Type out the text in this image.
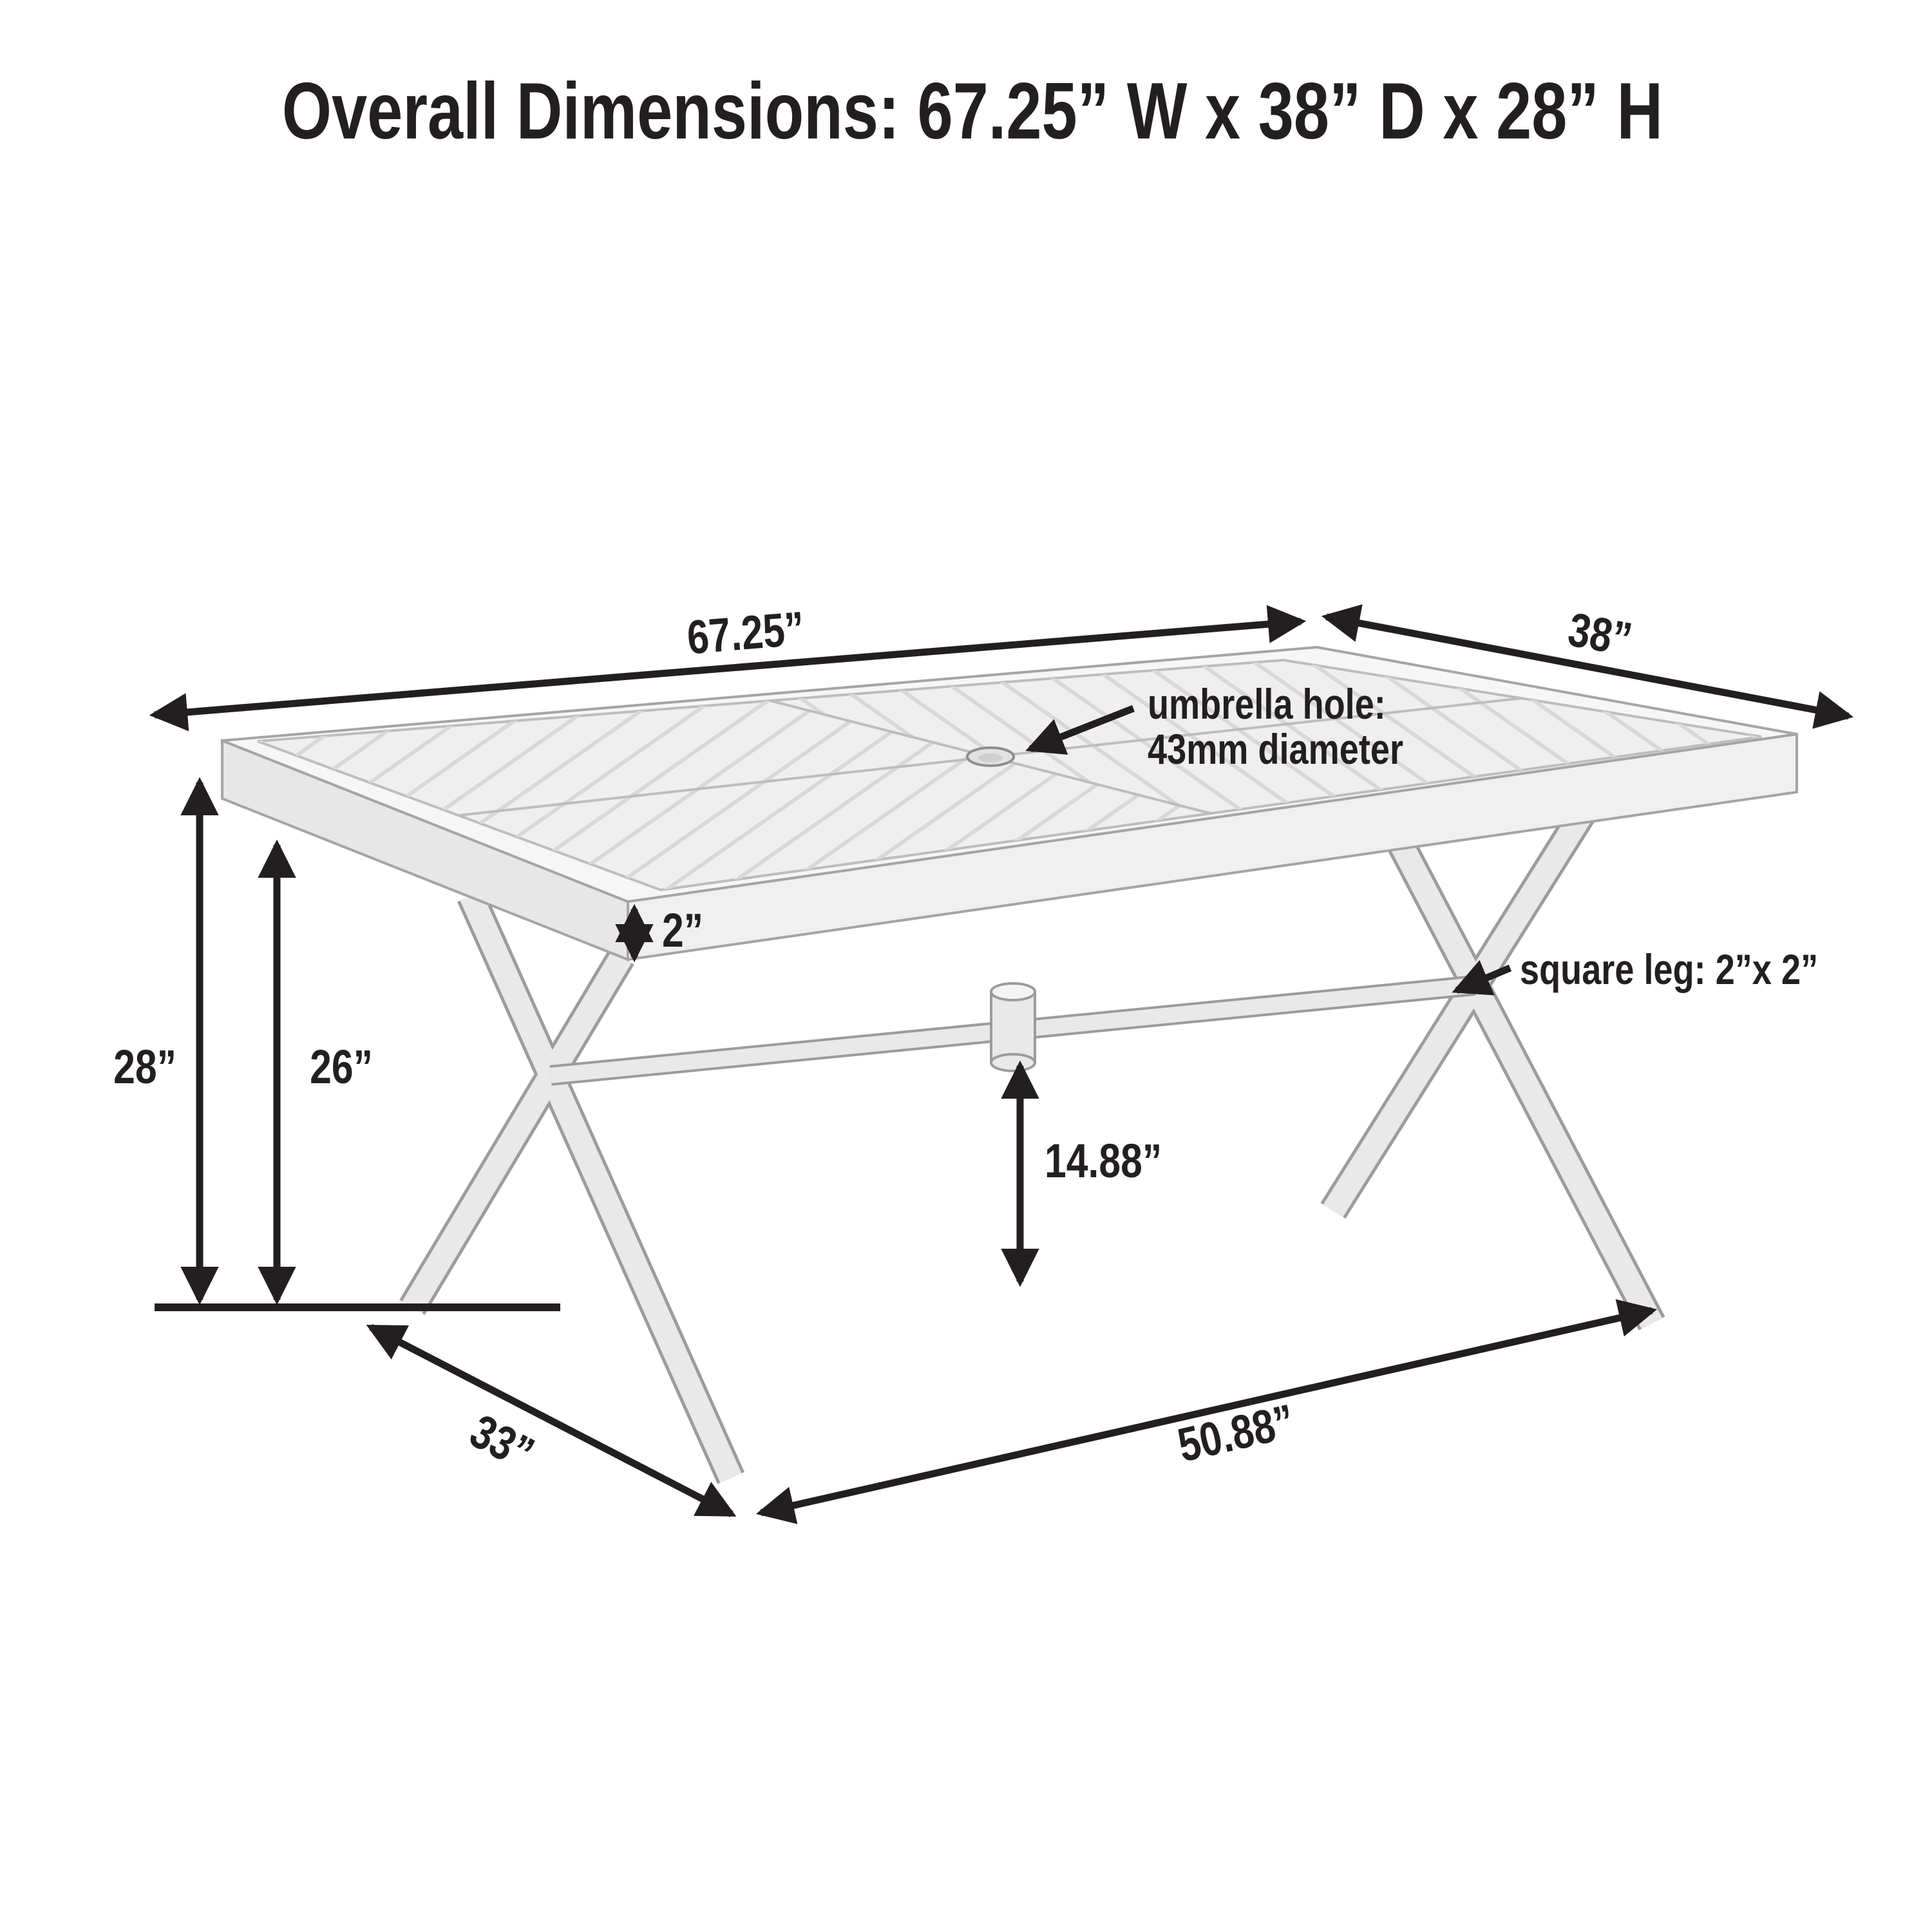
Overall Dimensions: 67.25” W x 38” D x 28” H
67.25”	38”
28”	26”
2”
umbrella hole:
43mm diameter
square leg: 2”x 2”
14.88”
33”	50.88”
